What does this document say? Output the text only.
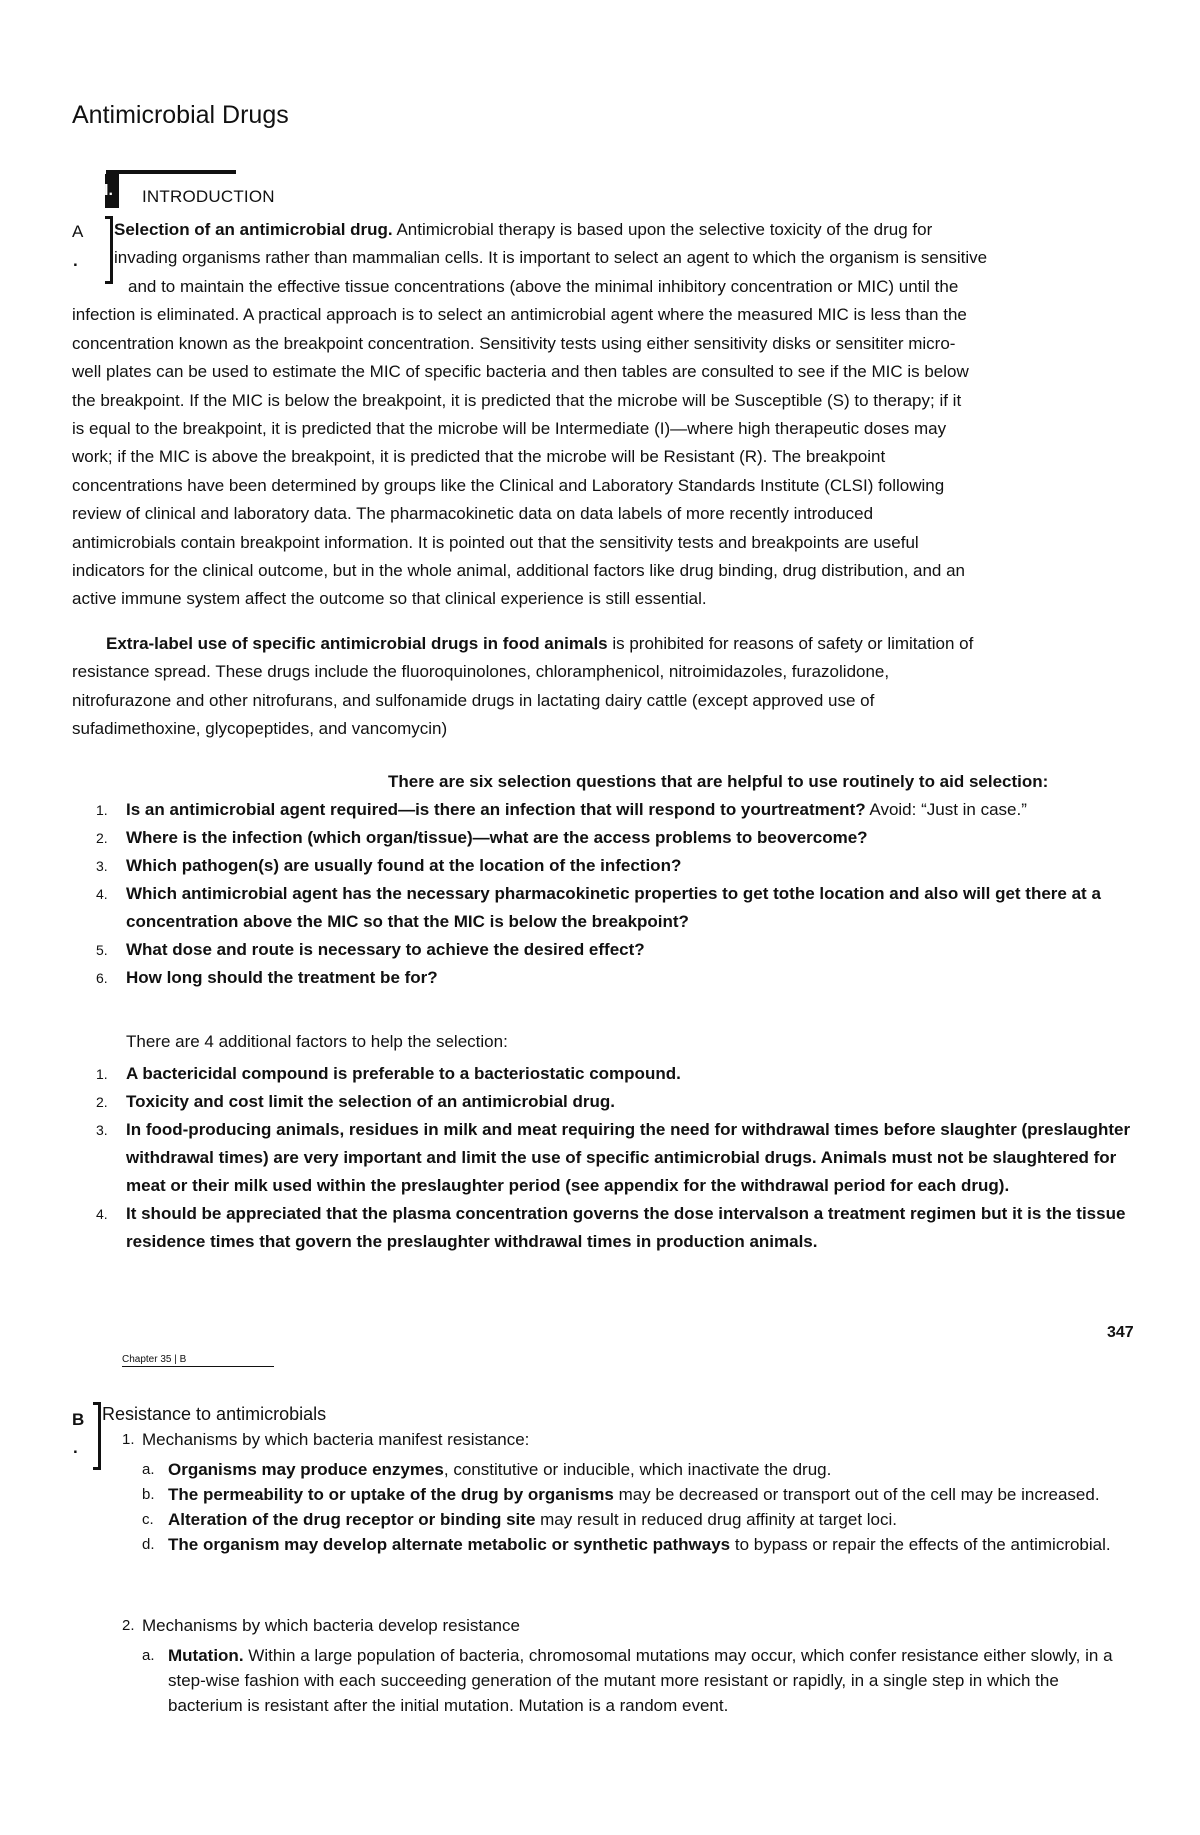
Antimicrobial Drugs
I.	INTRODUCTION
A
.
Selection of an antimicrobial drug. Antimicrobial therapy is based upon the selective toxicity of the drug for
invading organisms rather than mammalian cells. It is important to select an agent to which the organism is sensitive
and to maintain the effective tissue concentrations (above the minimal inhibitory concentration or MIC) until the
infection is eliminated. A practical approach is to select an antimicrobial agent where the measured MIC is less than the
concentration known as the breakpoint concentration. Sensitivity tests using either sensitivity disks or sensititer micro-
well plates can be used to estimate the MIC of specific bacteria and then tables are consulted to see if the MIC is below
the breakpoint. If the MIC is below the breakpoint, it is predicted that the microbe will be Susceptible (S) to therapy; if it
is equal to the breakpoint, it is predicted that the microbe will be Intermediate (I)—where high therapeutic doses may
work; if the MIC is above the breakpoint, it is predicted that the microbe will be Resistant (R). The breakpoint
concentrations have been determined by groups like the Clinical and Laboratory Standards Institute (CLSI) following
review of clinical and laboratory data. The pharmacokinetic data on data labels of more recently introduced
antimicrobials contain breakpoint information. It is pointed out that the sensitivity tests and breakpoints are useful
indicators for the clinical outcome, but in the whole animal, additional factors like drug binding, drug distribution, and an
active immune system affect the outcome so that clinical experience is still essential.
Extra-label use of specific antimicrobial drugs in food animals is prohibited for reasons of safety or limitation of
resistance spread. These drugs include the fluoroquinolones, chloramphenicol, nitroimidazoles, furazolidone,
nitrofurazone and other nitrofurans, and sulfonamide drugs in lactating dairy cattle (except approved use of
sufadimethoxine, glycopeptides, and vancomycin)
There are six selection questions that are helpful to use routinely to aid selection:
1.	Is an antimicrobial agent required—is there an infection that will respond to yourtreatment? Avoid: “Just in case.”
2.	Where is the infection (which organ/tissue)—what are the access problems to beovercome?
3.	Which pathogen(s) are usually found at the location of the infection?
4.	Which antimicrobial agent has the necessary pharmacokinetic properties to get tothe location and also will get there at a concentration above the MIC so that the MIC is below the breakpoint?
5.	What dose and route is necessary to achieve the desired effect?
6.	How long should the treatment be for?
There are 4 additional factors to help the selection:
1.	A bactericidal compound is preferable to a bacteriostatic compound.
2.	Toxicity and cost limit the selection of an antimicrobial drug.
3.	In food-producing animals, residues in milk and meat requiring the need for withdrawal times before slaughter (preslaughter withdrawal times) are very important and limit the use of specific antimicrobial drugs. Animals must not be slaughtered for meat or their milk used within the preslaughter period (see appendix for the withdrawal period for each drug).
4.	It should be appreciated that the plasma concentration governs the dose intervalson a treatment regimen but it is the tissue residence times that govern the preslaughter withdrawal times in production animals.
347
Chapter 35 | B
B
.
Resistance to antimicrobials
1. Mechanisms by which bacteria manifest resistance:
a. Organisms may produce enzymes, constitutive or inducible, which inactivate the drug.
b. The permeability to or uptake of the drug by organisms may be decreased or transport out of the cell may be increased.
c. Alteration of the drug receptor or binding site may result in reduced drug affinity at target loci.
d. The organism may develop alternate metabolic or synthetic pathways to bypass or repair the effects of the antimicrobial.
2. Mechanisms by which bacteria develop resistance
a. Mutation. Within a large population of bacteria, chromosomal mutations may occur, which confer resistance either slowly, in a step-wise fashion with each succeeding generation of the mutant more resistant or rapidly, in a single step in which the bacterium is resistant after the initial mutation. Mutation is a random event.
